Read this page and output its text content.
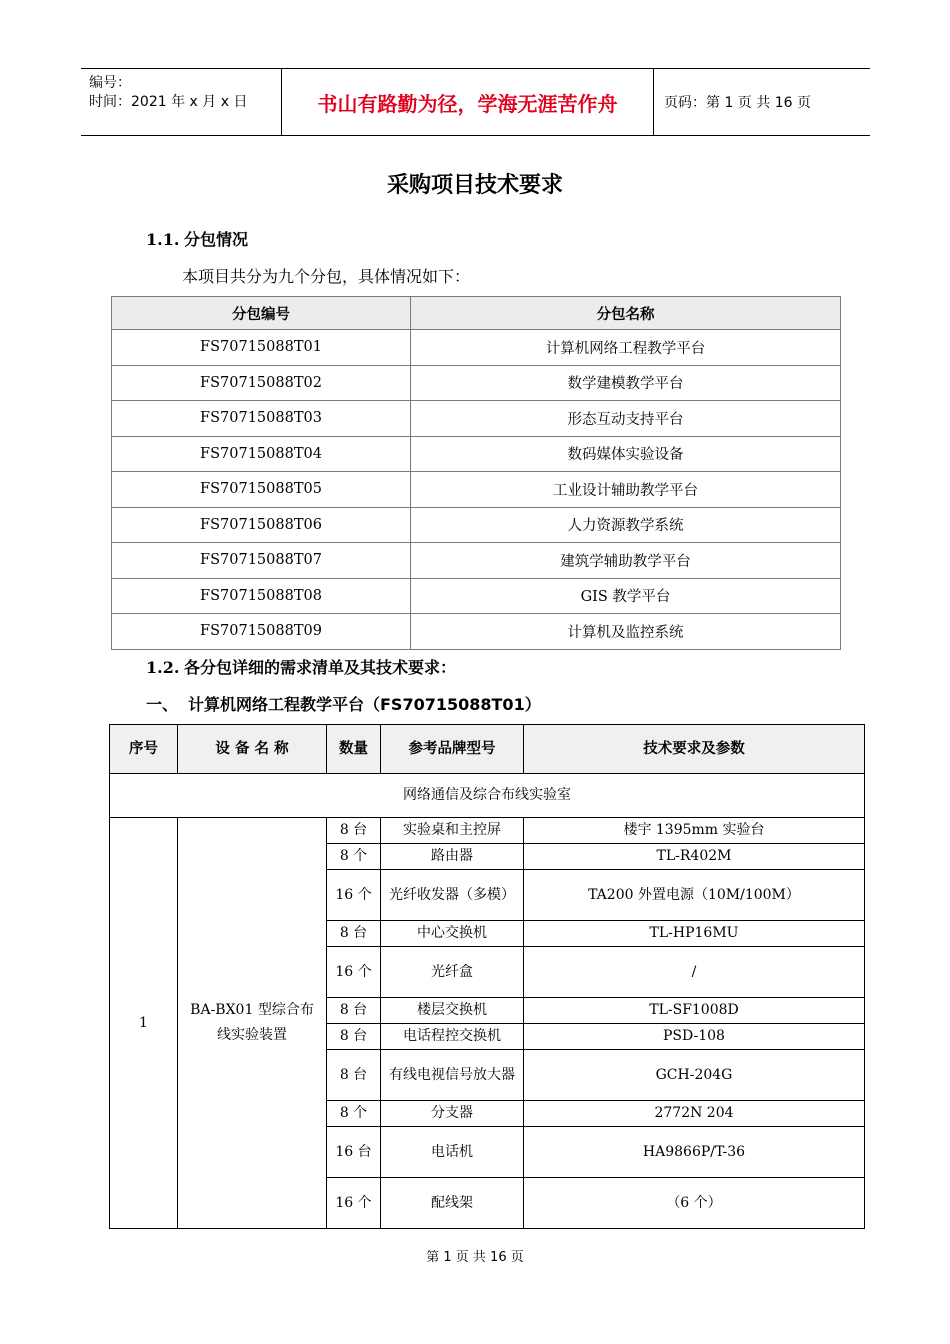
编号：
时间：2021 年 x 月 x 日	书山有路勤为径，学海无涯苦作舟	页码：第 1 页 共 16 页
采购项目技术要求
1.1. 分包情况
本项目共分为九个分包，具体情况如下：
分包编号	分包名称
FS70715088T01	计算机网络工程教学平台
FS70715088T02	数学建模教学平台
FS70715088T03	形态互动支持平台
FS70715088T04	数码媒体实验设备
FS70715088T05	工业设计辅助教学平台
FS70715088T06	人力资源教学系统
FS70715088T07	建筑学辅助教学平台
FS70715088T08	GIS 教学平台
FS70715088T09	计算机及监控系统
1.2. 各分包详细的需求清单及其技术要求：
一、 计算机网络工程教学平台（FS70715088T01）
序号	设 备 名 称	数量	参考品牌型号	技术要求及参数
网络通信及综合布线实验室				
1	BA-BX01 型综合布线实验装置	8 台	实验桌和主控屏	楼宇 1395mm 实验台
		8 个	路由器	TL-R402M
		16 个	光纤收发器（多模）	TA200 外置电源（10M/100M）
		8 台	中心交换机	TL-HP16MU
		16 个	光纤盒	/
		8 台	楼层交换机	TL-SF1008D
		8 台	电话程控交换机	PSD-108
		8 台	有线电视信号放大器	GCH-204G
		8 个	分支器	2772N 204
		16 台	电话机	HA9866P/T-36
		16 个	配线架	（6 个）
第 1 页 共 16 页
